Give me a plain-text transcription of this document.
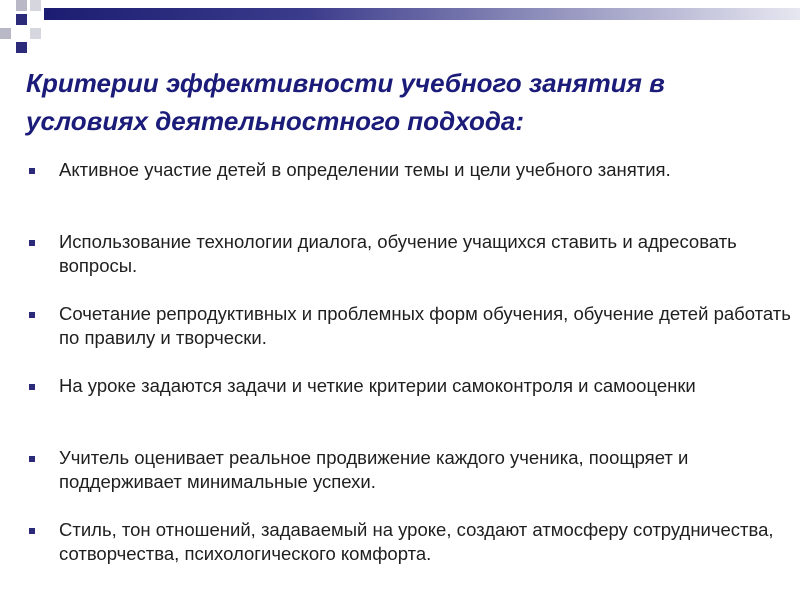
Критерии эффективности учебного занятия в условиях деятельностного подхода:
Активное участие детей в определении темы и цели учебного занятия.
Использование технологии диалога, обучение учащихся ставить и адресовать вопросы.
Сочетание репродуктивных и проблемных форм обучения, обучение детей работать по правилу и творчески.
На уроке задаются задачи и четкие критерии самоконтроля и самооценки
Учитель оценивает реальное продвижение каждого ученика, поощряет и поддерживает минимальные успехи.
Стиль, тон отношений, задаваемый на уроке, создают атмосферу сотрудничества, сотворчества, психологического комфорта.
